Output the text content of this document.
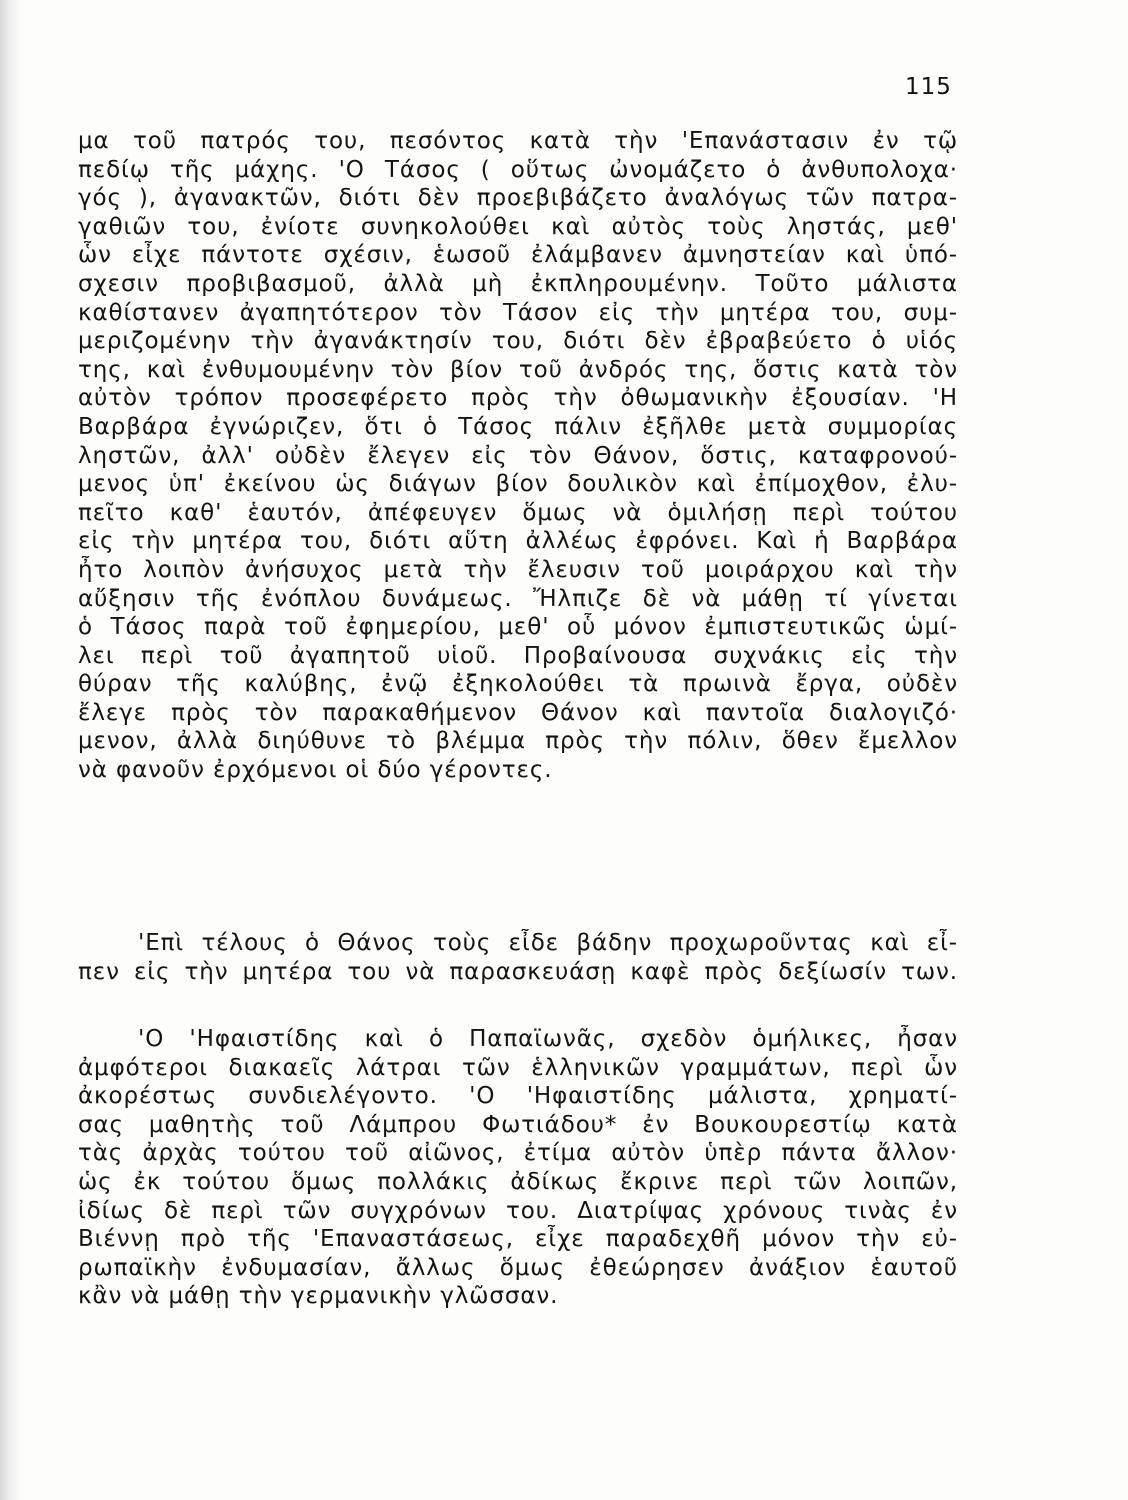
115
μα τοῦ πατρός του, πεσόντος κατὰ τὴν 'Επανάστασιν ἐν τῷ
πεδίῳ τῆς μάχης. 'Ο Τάσος ( οὕτως ὠνομάζετο ὁ ἀνθυπολοχα·
γός ), ἀγανακτῶν, διότι δὲν προεβιβάζετο ἀναλόγως τῶν πατρα-
γαθιῶν του, ἐνίοτε συνηκολούθει καὶ αὐτὸς τοὺς ληστάς, μεθ'
ὧν εἶχε πάντοτε σχέσιν, ἑωσοῦ ἐλάμβανεν ἀμνηστείαν καὶ ὑπό-
σχεσιν προβιβασμοῦ, ἀλλὰ μὴ ἐκπληρουμένην. Τοῦτο μάλιστα
καθίστανεν ἀγαπητότερον τὸν Τάσον εἰς τὴν μητέρα του, συμ-
μεριζομένην τὴν ἀγανάκτησίν του, διότι δὲν ἐβραβεύετο ὁ υἱός
της, καὶ ἐνθυμουμένην τὸν βίον τοῦ ἀνδρός της, ὅστις κατὰ τὸν
αὐτὸν τρόπον προσεφέρετο πρὸς τὴν ὀθωμανικὴν ἐξουσίαν. 'Η
Βαρβάρα ἐγνώριζεν, ὅτι ὁ Τάσος πάλιν ἐξῆλθε μετὰ συμμορίας
ληστῶν, ἀλλ' οὐδὲν ἔλεγεν εἰς τὸν Θάνον, ὅστις, καταφρονού-
μενος ὑπ' ἐκείνου ὡς διάγων βίον δουλικὸν καὶ ἐπίμοχθον, ἐλυ-
πεῖτο καθ' ἑαυτόν, ἀπέφευγεν ὅμως νὰ ὁμιλήσῃ περὶ τούτου
εἰς τὴν μητέρα του, διότι αὕτη ἀλλέως ἐφρόνει. Καὶ ἡ Βαρβάρα
ἦτο λοιπὸν ἀνήσυχος μετὰ τὴν ἔλευσιν τοῦ μοιράρχου καὶ τὴν
αὔξησιν τῆς ἐνόπλου δυνάμεως. Ἤλπιζε δὲ νὰ μάθῃ τί γίνεται
ὁ Τάσος παρὰ τοῦ ἐφημερίου, μεθ' οὗ μόνον ἐμπιστευτικῶς ὡμί-
λει περὶ τοῦ ἀγαπητοῦ υἱοῦ. Προβαίνουσα συχνάκις εἰς τὴν
θύραν τῆς καλύβης, ἐνῷ ἐξηκολούθει τὰ πρωινὰ ἔργα, οὐδὲν
ἔλεγε πρὸς τὸν παρακαθήμενον Θάνον καὶ παντοῖα διαλογιζό·
μενον, ἀλλὰ διηύθυνε τὸ βλέμμα πρὸς τὴν πόλιν, ὅθεν ἔμελλον
νὰ φανοῦν ἐρχόμενοι οἱ δύο γέροντες.
'Επὶ τέλους ὁ Θάνος τοὺς εἶδε βάδην προχωροῦντας καὶ εἶ-
πεν εἰς τὴν μητέρα του νὰ παρασκευάσῃ καφὲ πρὸς δεξίωσίν των.
'Ο 'Ηφαιστίδης καὶ ὁ Παπαϊωνᾶς, σχεδὸν ὁμήλικες, ἦσαν
ἀμφότεροι διακαεῖς λάτραι τῶν ἑλληνικῶν γραμμάτων, περὶ ὧν
ἀκορέστως συνδιελέγοντο. 'Ο 'Ηφαιστίδης μάλιστα, χρηματί-
σας μαθητὴς τοῦ Λάμπρου Φωτιάδου* ἐν Βουκουρεστίῳ κατὰ
τὰς ἀρχὰς τούτου τοῦ αἰῶνος, ἐτίμα αὐτὸν ὑπὲρ πάντα ἄλλον·
ὡς ἐκ τούτου ὅμως πολλάκις ἀδίκως ἔκρινε περὶ τῶν λοιπῶν,
ἰδίως δὲ περὶ τῶν συγχρόνων του. Διατρίψας χρόνους τινὰς ἐν
Βιέννῃ πρὸ τῆς 'Επαναστάσεως, εἶχε παραδεχθῆ μόνον τὴν εὐ-
ρωπαϊκὴν ἐνδυμασίαν, ἄλλως ὅμως ἐθεώρησεν ἀνάξιον ἑαυτοῦ
κἂν νὰ μάθῃ τὴν γερμανικὴν γλῶσσαν.
